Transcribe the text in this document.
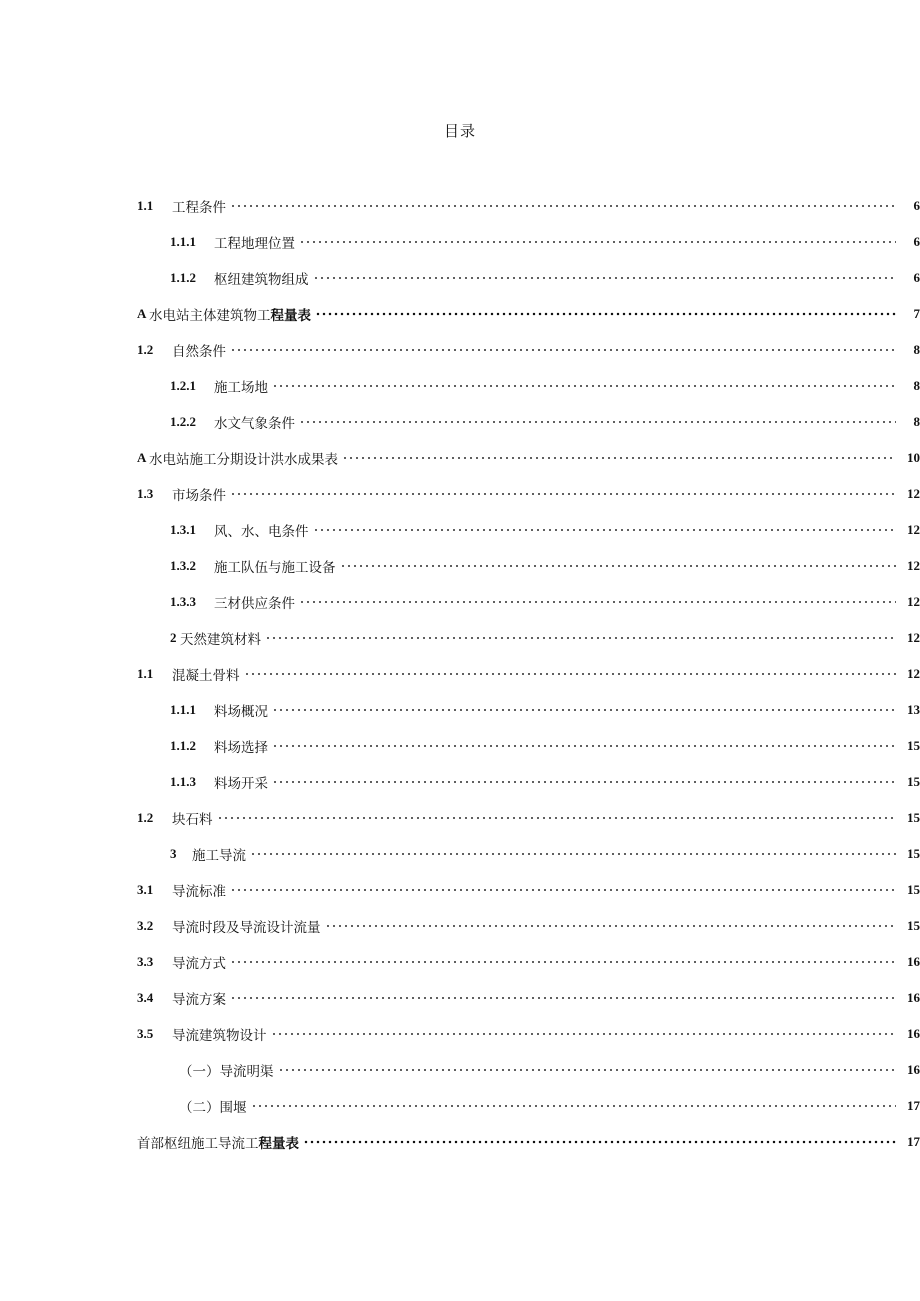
目录
1.1	工程条件	6
1.1.1	工程地理位置	6
1.1.2	枢纽建筑物组成	6
A 水电站主体建筑物工 程量表	7
1.2	自然条件	8
1.2.1	施工场地	8
1.2.2	水文气象条件	8
A 水电站施工分期设计洪水成果表	10
1.3	市场条件	12
1.3.1	风、水、电条件	12
1.3.2	施工队伍与施工设备	12
1.3.3	三材供应条件	12
2 天然建筑材料	12
1.1	混凝土骨料	12
1.1.1	料场概况	13
1.1.2	料场选择	15
1.1.3	料场开采	15
1.2	块石料	15
3	施工导流	15
3.1	导流标准	15
3.2	导流时段及导流设计流量	15
3.3	导流方式	16
3.4	导流方案	16
3.5	导流建筑物设计	16
（一）导流明渠	16
（二）围堰	17
首部枢纽施工导流工 程量表	17
